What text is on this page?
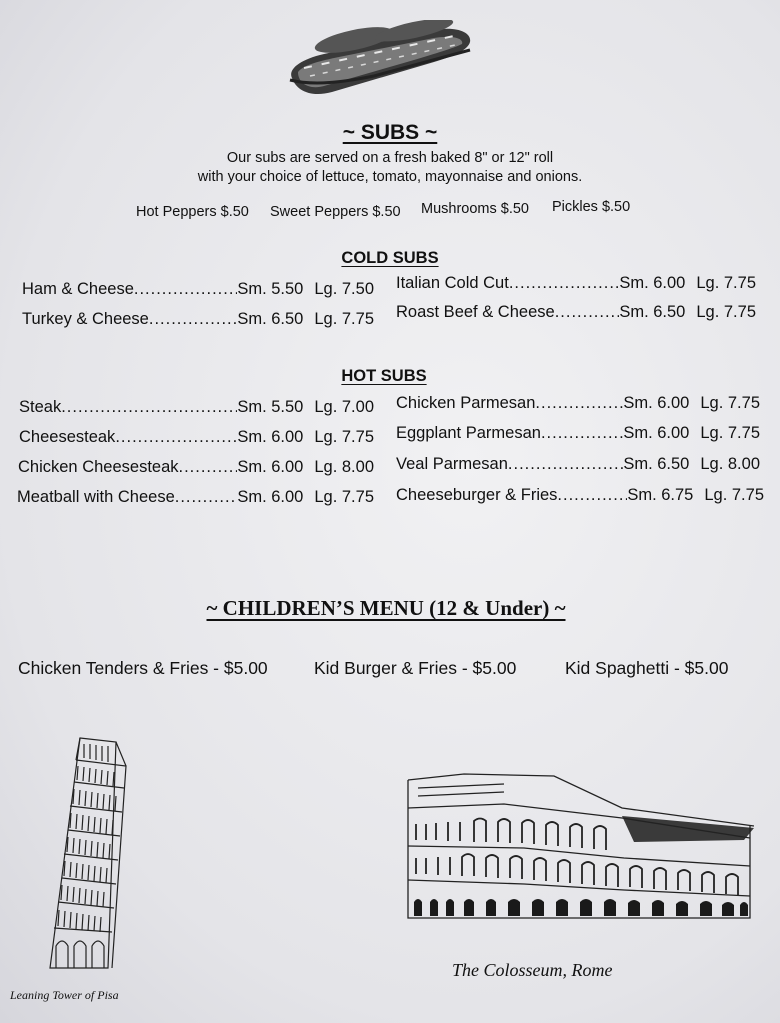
~ SUBS ~
Our subs are served on a fresh baked 8" or 12" roll
with your choice of lettuce, tomato, mayonnaise and onions.
Hot Peppers $.50 Sweet Peppers $.50 Mushrooms $.50 Pickles $.50
COLD SUBS
Ham & Cheese .....	Sm. 5.50 Lg. 7.50
Turkey & Cheese .....	Sm. 6.50 Lg. 7.75
Italian Cold Cut .....	Sm. 6.00 Lg. 7.75
Roast Beef & Cheese .....	Sm. 6.50 Lg. 7.75
HOT SUBS
Steak .....	Sm. 5.50 Lg. 7.00
Cheesesteak .....	Sm. 6.00 Lg. 7.75
Chicken Cheesesteak .....	Sm. 6.00 Lg. 8.00
Meatball with Cheese .....	Sm. 6.00 Lg. 7.75
Chicken Parmesan .....	Sm. 6.00 Lg. 7.75
Eggplant Parmesan .....	Sm. 6.00 Lg. 7.75
Veal Parmesan .....	Sm. 6.50 Lg. 8.00
Cheeseburger & Fries .....	Sm. 6.75 Lg. 7.75
~ CHILDREN’S MENU (12 & Under) ~
Chicken Tenders & Fries - $5.00	Kid Burger & Fries - $5.00	Kid Spaghetti - $5.00
Leaning Tower of Pisa
The Colosseum, Rome
